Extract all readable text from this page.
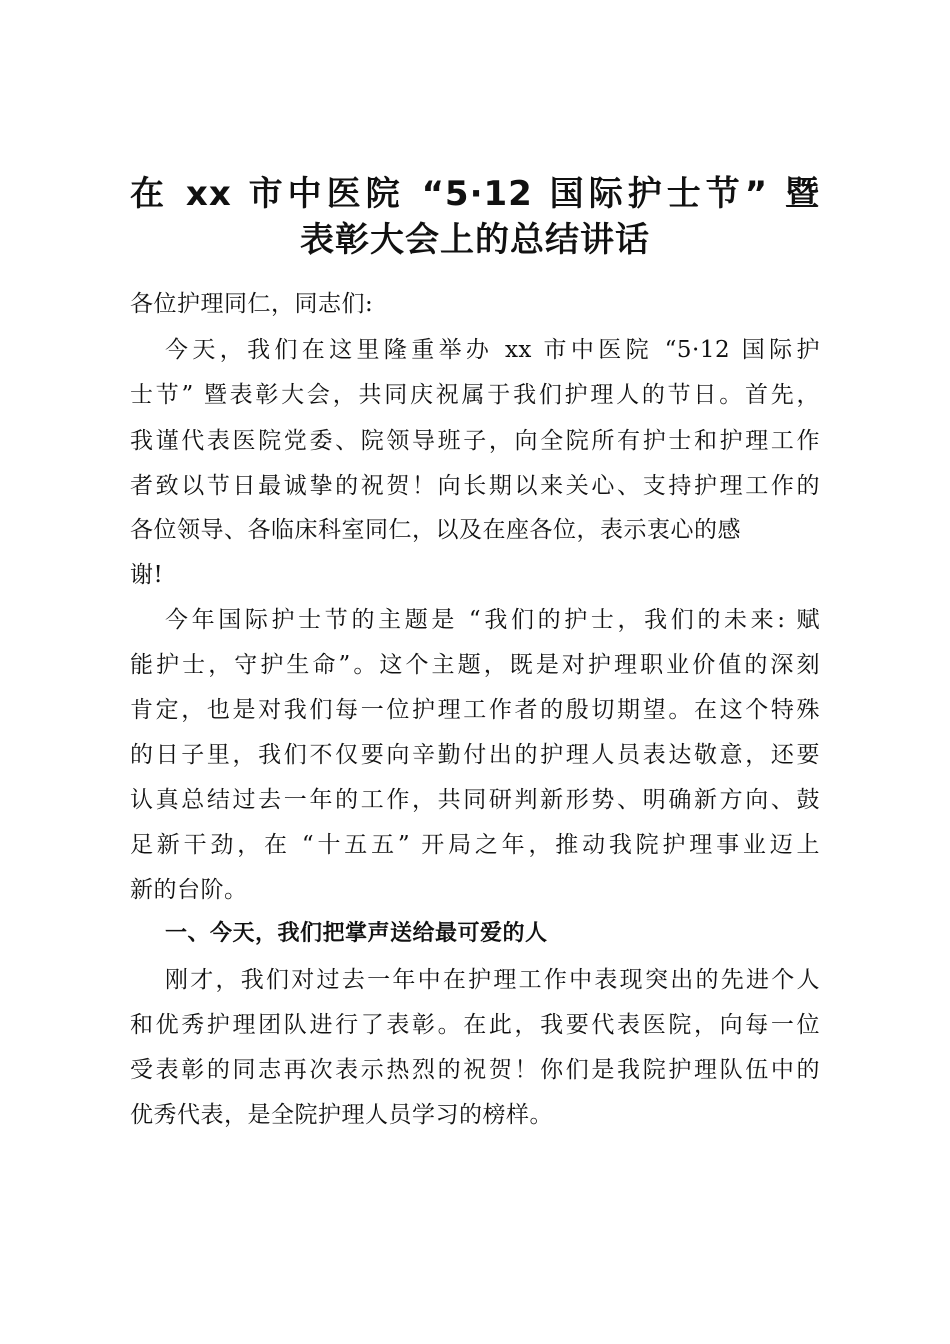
在 xx 市中医院 “5·12 国际护士节” 暨
表彰大会上的总结讲话
各位护理同仁，同志们:
今天，我们在这里隆重举办 xx 市中医院 “5·12 国际护
士节” 暨表彰大会，共同庆祝属于我们护理人的节日。首先，
我谨代表医院党委、院领导班子，向全院所有护士和护理工作
者致以节日最诚挚的祝贺！向长期以来关心、支持护理工作的
各位领导、各临床科室同仁，以及在座各位，表示衷心的感
谢!
今年国际护士节的主题是 “我们的护士，我们的未来: 赋
能护士，守护生命”。这个主题，既是对护理职业价值的深刻
肯定，也是对我们每一位护理工作者的殷切期望。在这个特殊
的日子里，我们不仅要向辛勤付出的护理人员表达敬意，还要
认真总结过去一年的工作，共同研判新形势、明确新方向、鼓
足新干劲，在 “十五五” 开局之年，推动我院护理事业迈上
新的台阶。
一、今天，我们把掌声送给最可爱的人
刚才，我们对过去一年中在护理工作中表现突出的先进个人
和优秀护理团队进行了表彰。在此，我要代表医院，向每一位
受表彰的同志再次表示热烈的祝贺！你们是我院护理队伍中的
优秀代表，是全院护理人员学习的榜样。
